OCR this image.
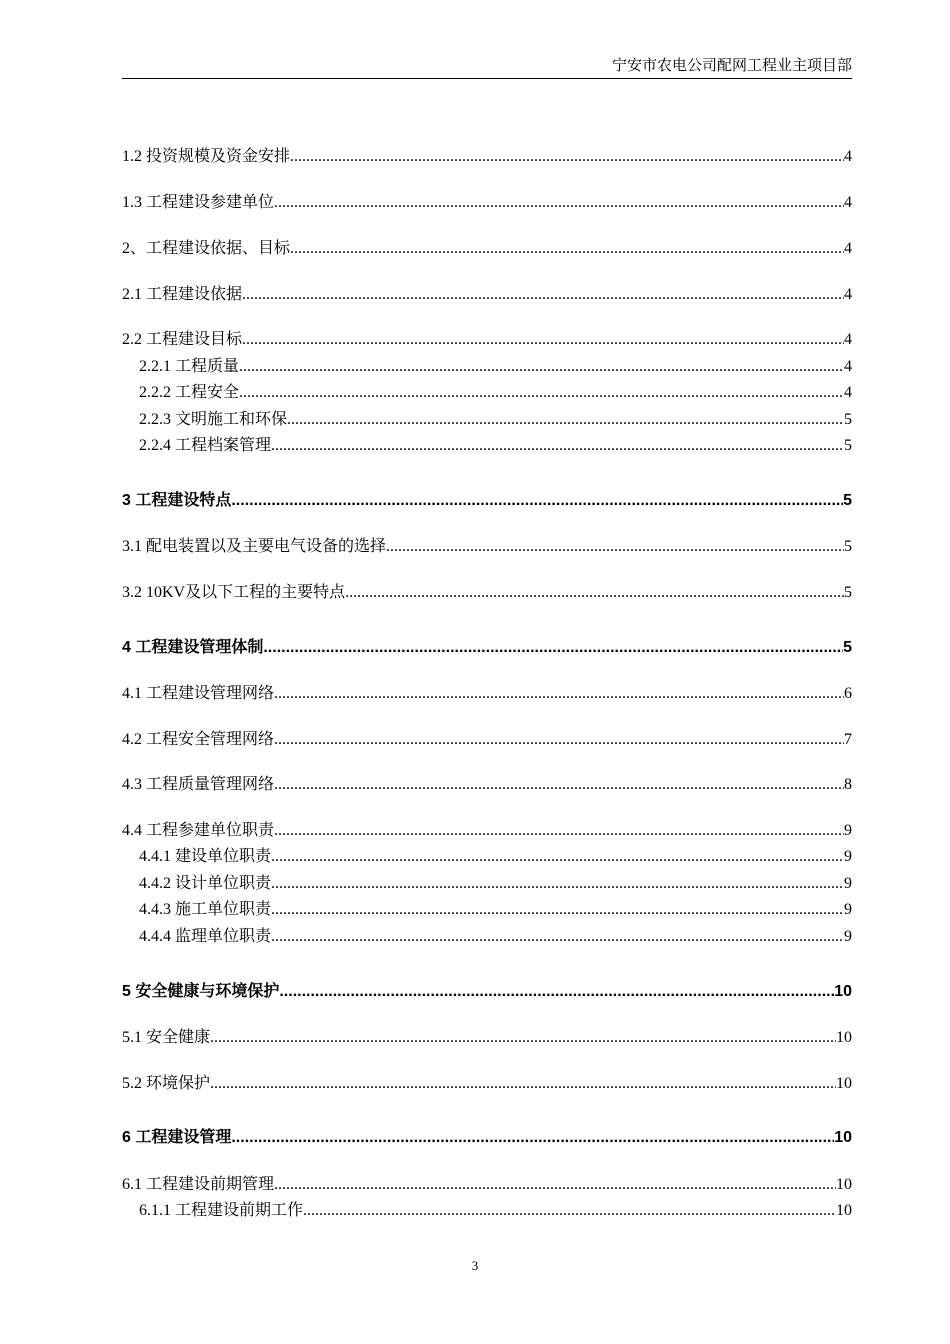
宁安市农电公司配网工程业主项目部
1.2 投资规模及资金安排 .....	4
1.3 工程建设参建单位 .....	4
2、工程建设依据、目标 .....	4
2.1 工程建设依据 .....	4
2.2 工程建设目标 .....	4
2.2.1 工程质量 .....	4
2.2.2 工程安全 .....	4
2.2.3 文明施工和环保 .....	5
2.2.4 工程档案管理 .....	5
3 工程建设特点 .....	5
3.1 配电装置以及主要电气设备的选择 .....	5
3.2 10KV及以下工程的主要特点 .....	5
4 工程建设管理体制 .....	5
4.1 工程建设管理网络 .....	6
4.2 工程安全管理网络 .....	7
4.3 工程质量管理网络 .....	8
4.4 工程参建单位职责 .....	9
4.4.1 建设单位职责 .....	9
4.4.2 设计单位职责 .....	9
4.4.3 施工单位职责 .....	9
4.4.4 监理单位职责 .....	9
5 安全健康与环境保护 .....	10
5.1 安全健康 .....	10
5.2 环境保护 .....	10
6 工程建设管理 .....	10
6.1 工程建设前期管理 .....	10
6.1.1 工程建设前期工作 .....	10
3
